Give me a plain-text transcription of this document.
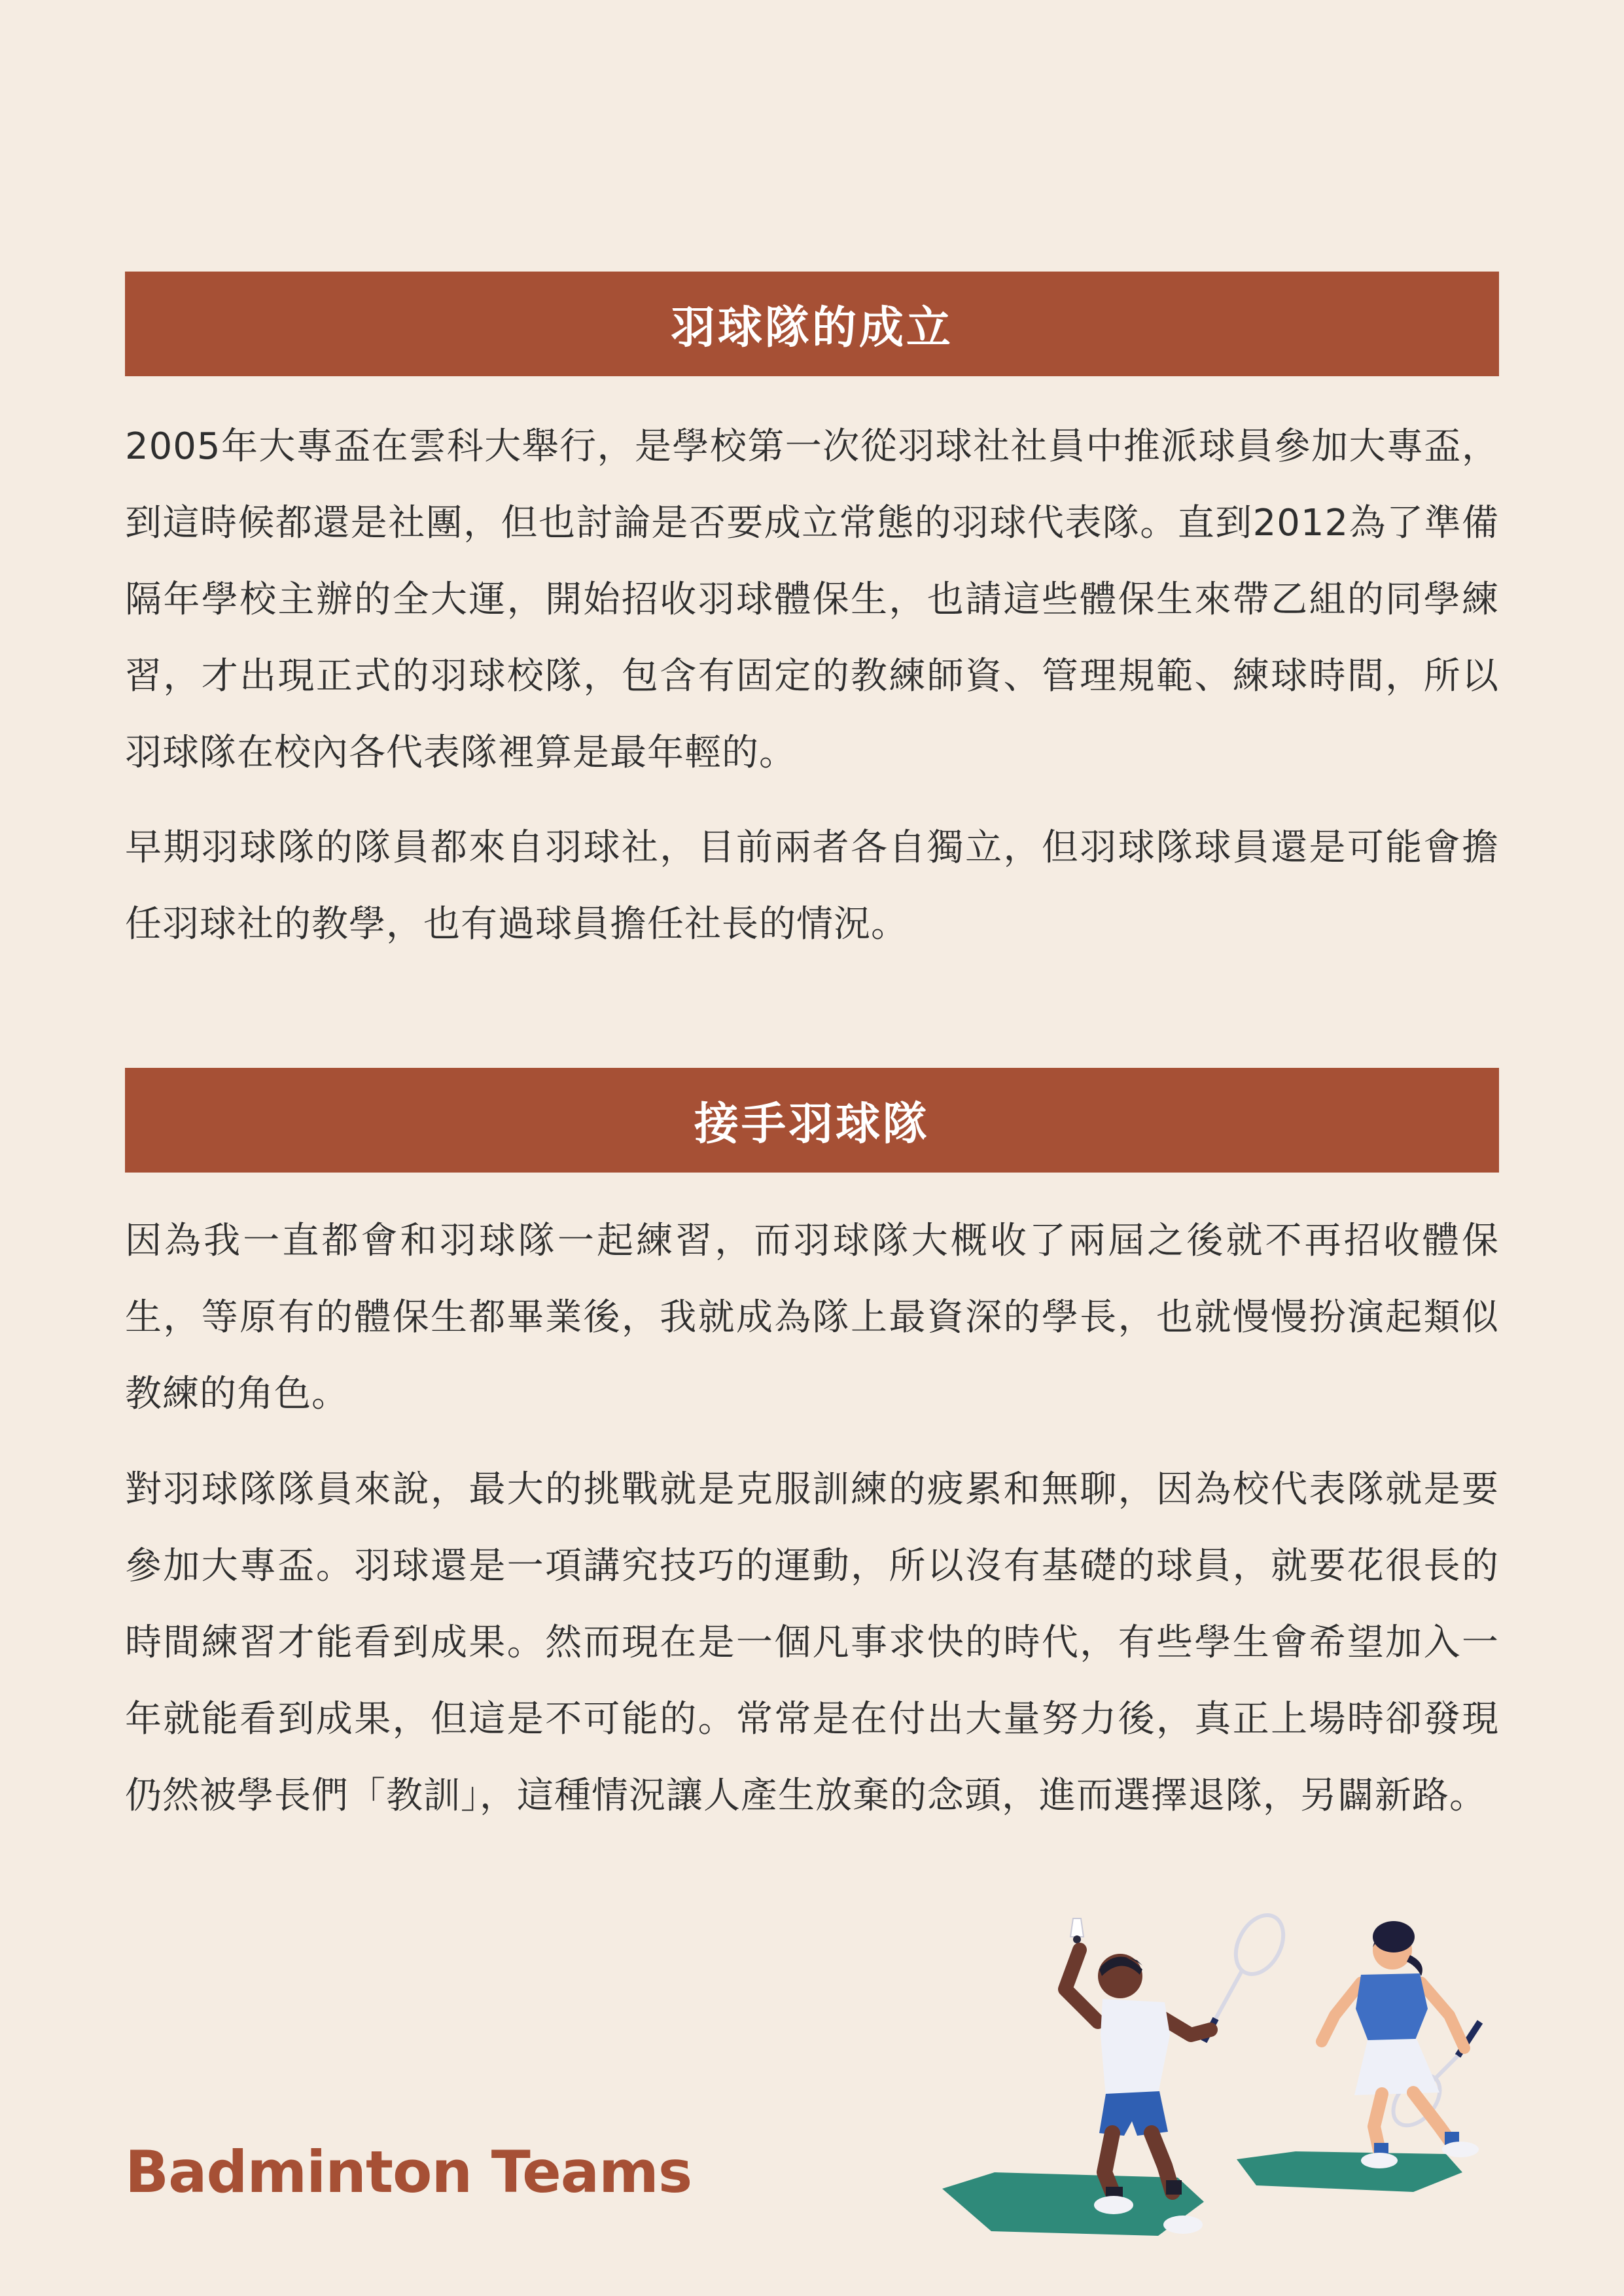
羽球隊的成立

2005年大專盃在雲科大舉行，是學校第一次從羽球社社員中推派球員參加大專盃，到這時候都還是社團，但也討論是否要成立常態的羽球代表隊。直到2012為了準備隔年學校主辦的全大運，開始招收羽球體保生，也請這些體保生來帶乙組的同學練習，才出現正式的羽球校隊，包含有固定的教練師資、管理規範、練球時間，所以羽球隊在校內各代表隊裡算是最年輕的。

早期羽球隊的隊員都來自羽球社，目前兩者各自獨立，但羽球隊球員還是可能會擔任羽球社的教學，也有過球員擔任社長的情況。

接手羽球隊

因為我一直都會和羽球隊一起練習，而羽球隊大概收了兩屆之後就不再招收體保生，等原有的體保生都畢業後，我就成為隊上最資深的學長，也就慢慢扮演起類似教練的角色。

對羽球隊隊員來說，最大的挑戰就是克服訓練的疲累和無聊，因為校代表隊就是要參加大專盃。羽球還是一項講究技巧的運動，所以沒有基礎的球員，就要花很長的時間練習才能看到成果。然而現在是一個凡事求快的時代，有些學生會希望加入一年就能看到成果，但這是不可能的。常常是在付出大量努力後，真正上場時卻發現仍然被學長們「教訓」，這種情況讓人產生放棄的念頭，進而選擇退隊，另闢新路。

Badminton Teams
